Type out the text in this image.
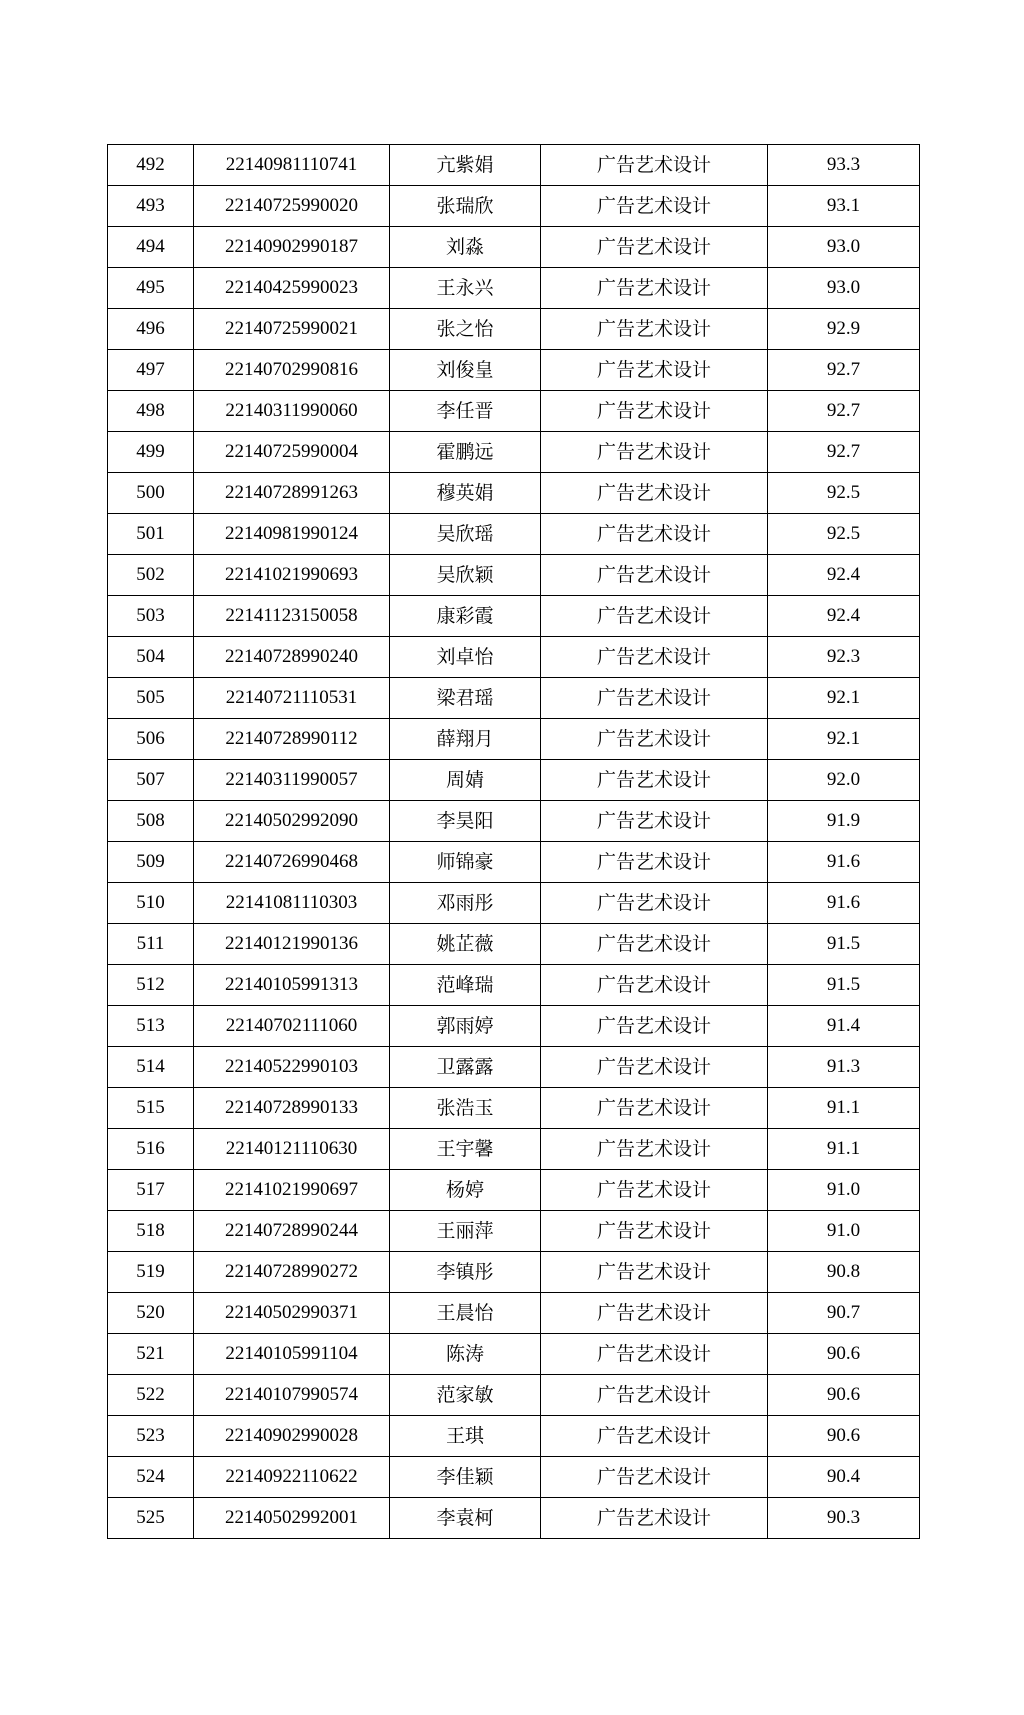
492	22140981110741	亢紫娟	广告艺术设计	93.3
493	22140725990020	张瑞欣	广告艺术设计	93.1
494	22140902990187	刘淼	广告艺术设计	93.0
495	22140425990023	王永兴	广告艺术设计	93.0
496	22140725990021	张之怡	广告艺术设计	92.9
497	22140702990816	刘俊皇	广告艺术设计	92.7
498	22140311990060	李任晋	广告艺术设计	92.7
499	22140725990004	霍鹏远	广告艺术设计	92.7
500	22140728991263	穆英娟	广告艺术设计	92.5
501	22140981990124	吴欣瑶	广告艺术设计	92.5
502	22141021990693	吴欣颖	广告艺术设计	92.4
503	22141123150058	康彩霞	广告艺术设计	92.4
504	22140728990240	刘卓怡	广告艺术设计	92.3
505	22140721110531	梁君瑶	广告艺术设计	92.1
506	22140728990112	薛翔月	广告艺术设计	92.1
507	22140311990057	周婧	广告艺术设计	92.0
508	22140502992090	李昊阳	广告艺术设计	91.9
509	22140726990468	师锦豪	广告艺术设计	91.6
510	22141081110303	邓雨彤	广告艺术设计	91.6
511	22140121990136	姚芷薇	广告艺术设计	91.5
512	22140105991313	范峰瑞	广告艺术设计	91.5
513	22140702111060	郭雨婷	广告艺术设计	91.4
514	22140522990103	卫露露	广告艺术设计	91.3
515	22140728990133	张浩玉	广告艺术设计	91.1
516	22140121110630	王宇馨	广告艺术设计	91.1
517	22141021990697	杨婷	广告艺术设计	91.0
518	22140728990244	王丽萍	广告艺术设计	91.0
519	22140728990272	李镇彤	广告艺术设计	90.8
520	22140502990371	王晨怡	广告艺术设计	90.7
521	22140105991104	陈涛	广告艺术设计	90.6
522	22140107990574	范家敏	广告艺术设计	90.6
523	22140902990028	王琪	广告艺术设计	90.6
524	22140922110622	李佳颖	广告艺术设计	90.4
525	22140502992001	李袁柯	广告艺术设计	90.3
